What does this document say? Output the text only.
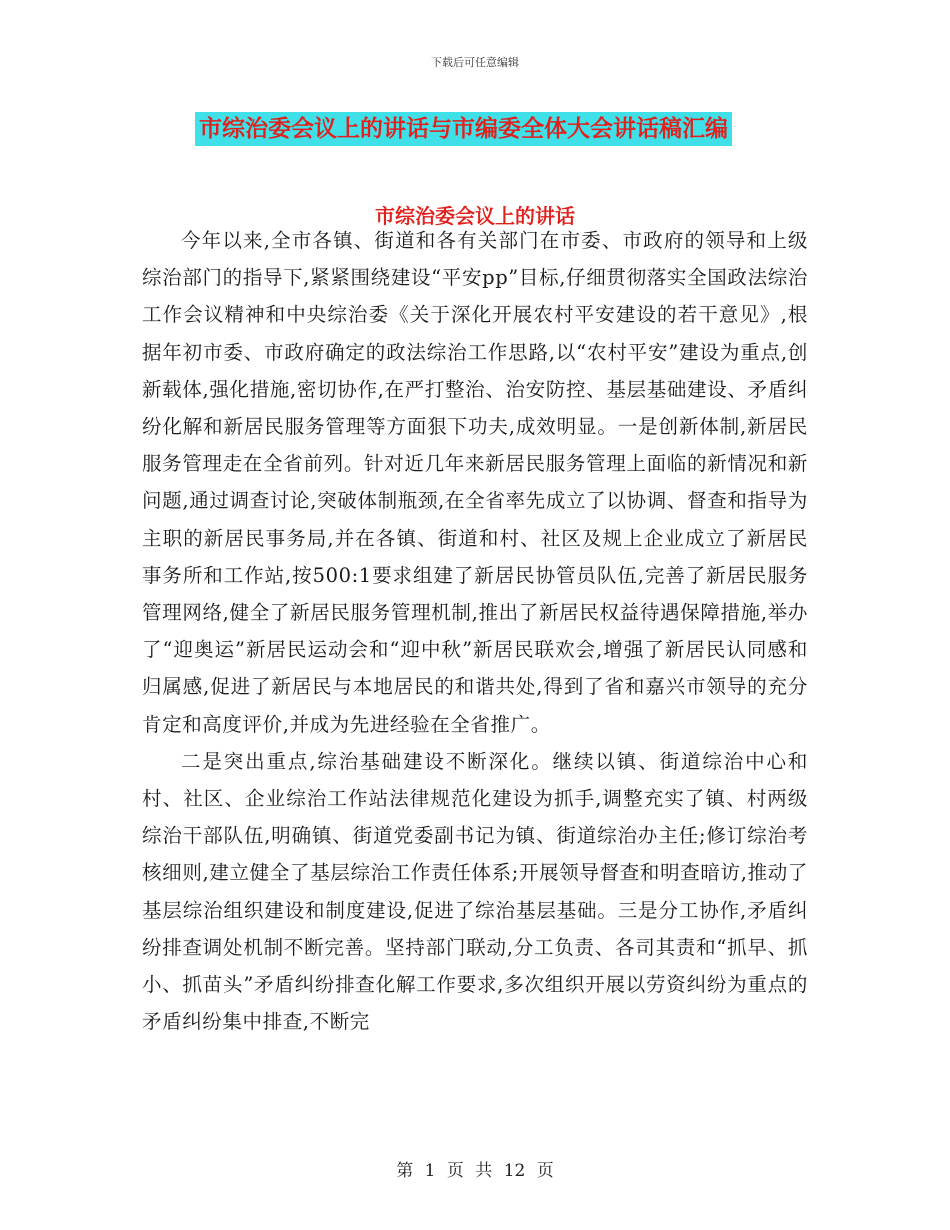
下载后可任意编辑
市综治委会议上的讲话与市编委全体大会讲话稿汇编
市综治委会议上的讲话

今年以来,全市各镇、街道和各有关部门在市委、市政府的领导和上级综治部门的指导下,紧紧围绕建设“平安pp”目标,仔细贯彻落实全国政法综治工作会议精神和中央综治委《关于深化开展农村平安建设的若干意见》,根据年初市委、市政府确定的政法综治工作思路,以“农村平安”建设为重点,创新载体,强化措施,密切协作,在严打整治、治安防控、基层基础建设、矛盾纠纷化解和新居民服务管理等方面狠下功夫,成效明显。一是创新体制,新居民服务管理走在全省前列。针对近几年来新居民服务管理上面临的新情况和新问题,通过调查讨论,突破体制瓶颈,在全省率先成立了以协调、督查和指导为主职的新居民事务局,并在各镇、街道和村、社区及规上企业成立了新居民事务所和工作站,按500:1要求组建了新居民协管员队伍,完善了新居民服务管理网络,健全了新居民服务管理机制,推出了新居民权益待遇保障措施,举办了“迎奥运”新居民运动会和“迎中秋”新居民联欢会,增强了新居民认同感和归属感,促进了新居民与本地居民的和谐共处,得到了省和嘉兴市领导的充分肯定和高度评价,并成为先进经验在全省推广。

二是突出重点,综治基础建设不断深化。继续以镇、街道综治中心和村、社区、企业综治工作站法律规范化建设为抓手,调整充实了镇、村两级综治干部队伍,明确镇、街道党委副书记为镇、街道综治办主任;修订综治考核细则,建立健全了基层综治工作责任体系;开展领导督查和明查暗访,推动了基层综治组织建设和制度建设,促进了综治基层基础。三是分工协作,矛盾纠纷排查调处机制不断完善。坚持部门联动,分工负责、各司其责和“抓早、抓小、抓苗头”矛盾纠纷排查化解工作要求,多次组织开展以劳资纠纷为重点的矛盾纠纷集中排查,不断完

第 1 页 共 12 页
